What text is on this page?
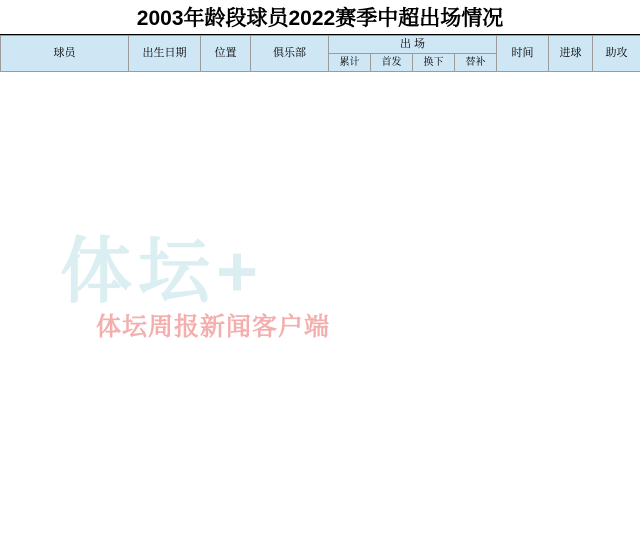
2003年龄段球员2022赛季中超出场情况
球员	出生日期	位置	俱乐部	出 场				时间	进球	助攻
				累计	首发	换下	替补			
体坛+
体坛周报新闻客户端
